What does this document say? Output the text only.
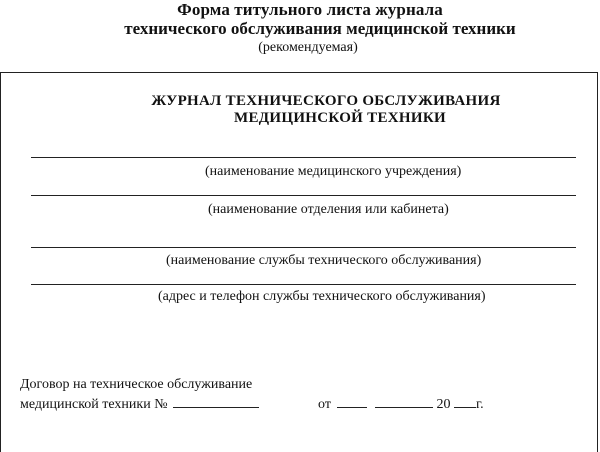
Форма титульного листа журнала
технического обслуживания медицинской техники
(рекомендуемая)
ЖУРНАЛ ТЕХНИЧЕСКОГО ОБСЛУЖИВАНИЯ
МЕДИЦИНСКОЙ ТЕХНИКИ
(наименование медицинского учреждения)
(наименование отделения или кабинета)
(наименование службы технического обслуживания)
(адрес и телефон службы технического обслуживания)
Договор на техническое обслуживание
медицинской техники №	от	20 г.
